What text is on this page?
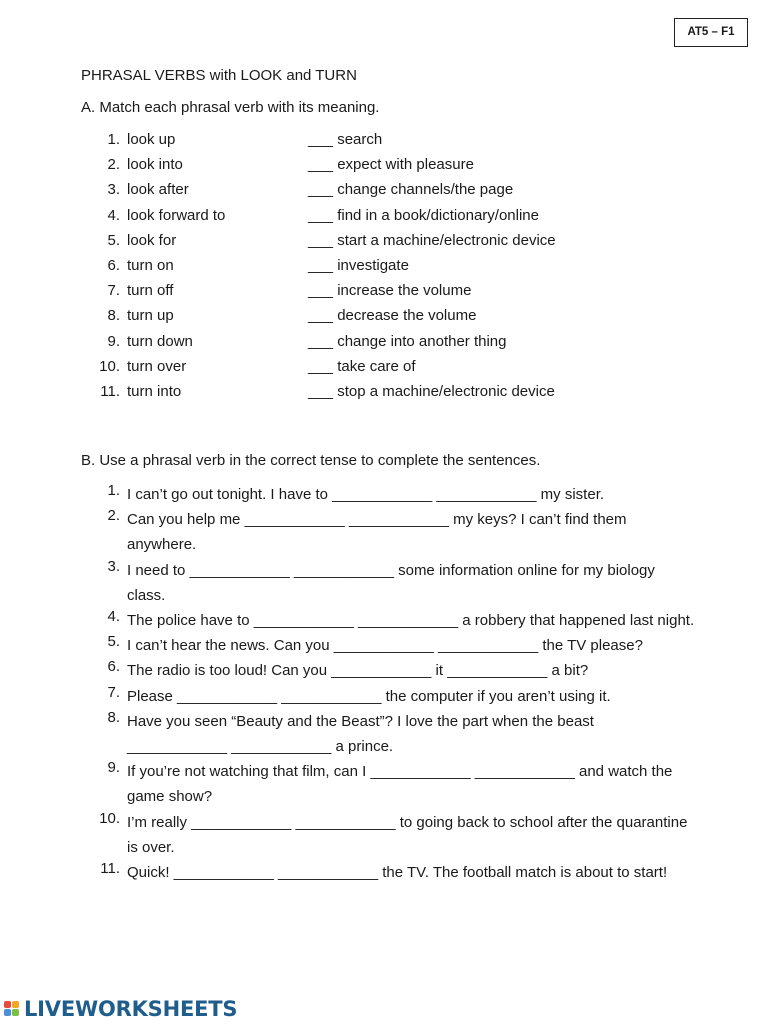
AT5 – F1
PHRASAL VERBS with LOOK and TURN
A. Match each phrasal verb with its meaning.
1. look up	___ search
2. look into	___ expect with pleasure
3. look after	___ change channels/the page
4. look forward to	___ find in a book/dictionary/online
5. look for	___ start a machine/electronic device
6. turn on	___ investigate
7. turn off	___ increase the volume
8. turn up	___ decrease the volume
9. turn down	___ change into another thing
10. turn over	___ take care of
11. turn into	___ stop a machine/electronic device
B. Use a phrasal verb in the correct tense to complete the sentences.
1. I can’t go out tonight. I have to ____________ ____________ my sister.
2. Can you help me ____________ ____________ my keys? I can’t find them anywhere.
3. I need to ____________ ____________ some information online for my biology class.
4. The police have to ____________ ____________ a robbery that happened last night.
5. I can’t hear the news. Can you ____________ ____________ the TV please?
6. The radio is too loud! Can you ____________ it ____________ a bit?
7. Please ____________ ____________ the computer if you aren’t using it.
8. Have you seen “Beauty and the Beast”? I love the part when the beast ____________ ____________ a prince.
9. If you’re not watching that film, can I ____________ ____________ and watch the game show?
10. I’m really ____________ ____________ to going back to school after the quarantine is over.
11. Quick! ____________ ____________ the TV. The football match is about to start!
LIVEWORKSHEETS
